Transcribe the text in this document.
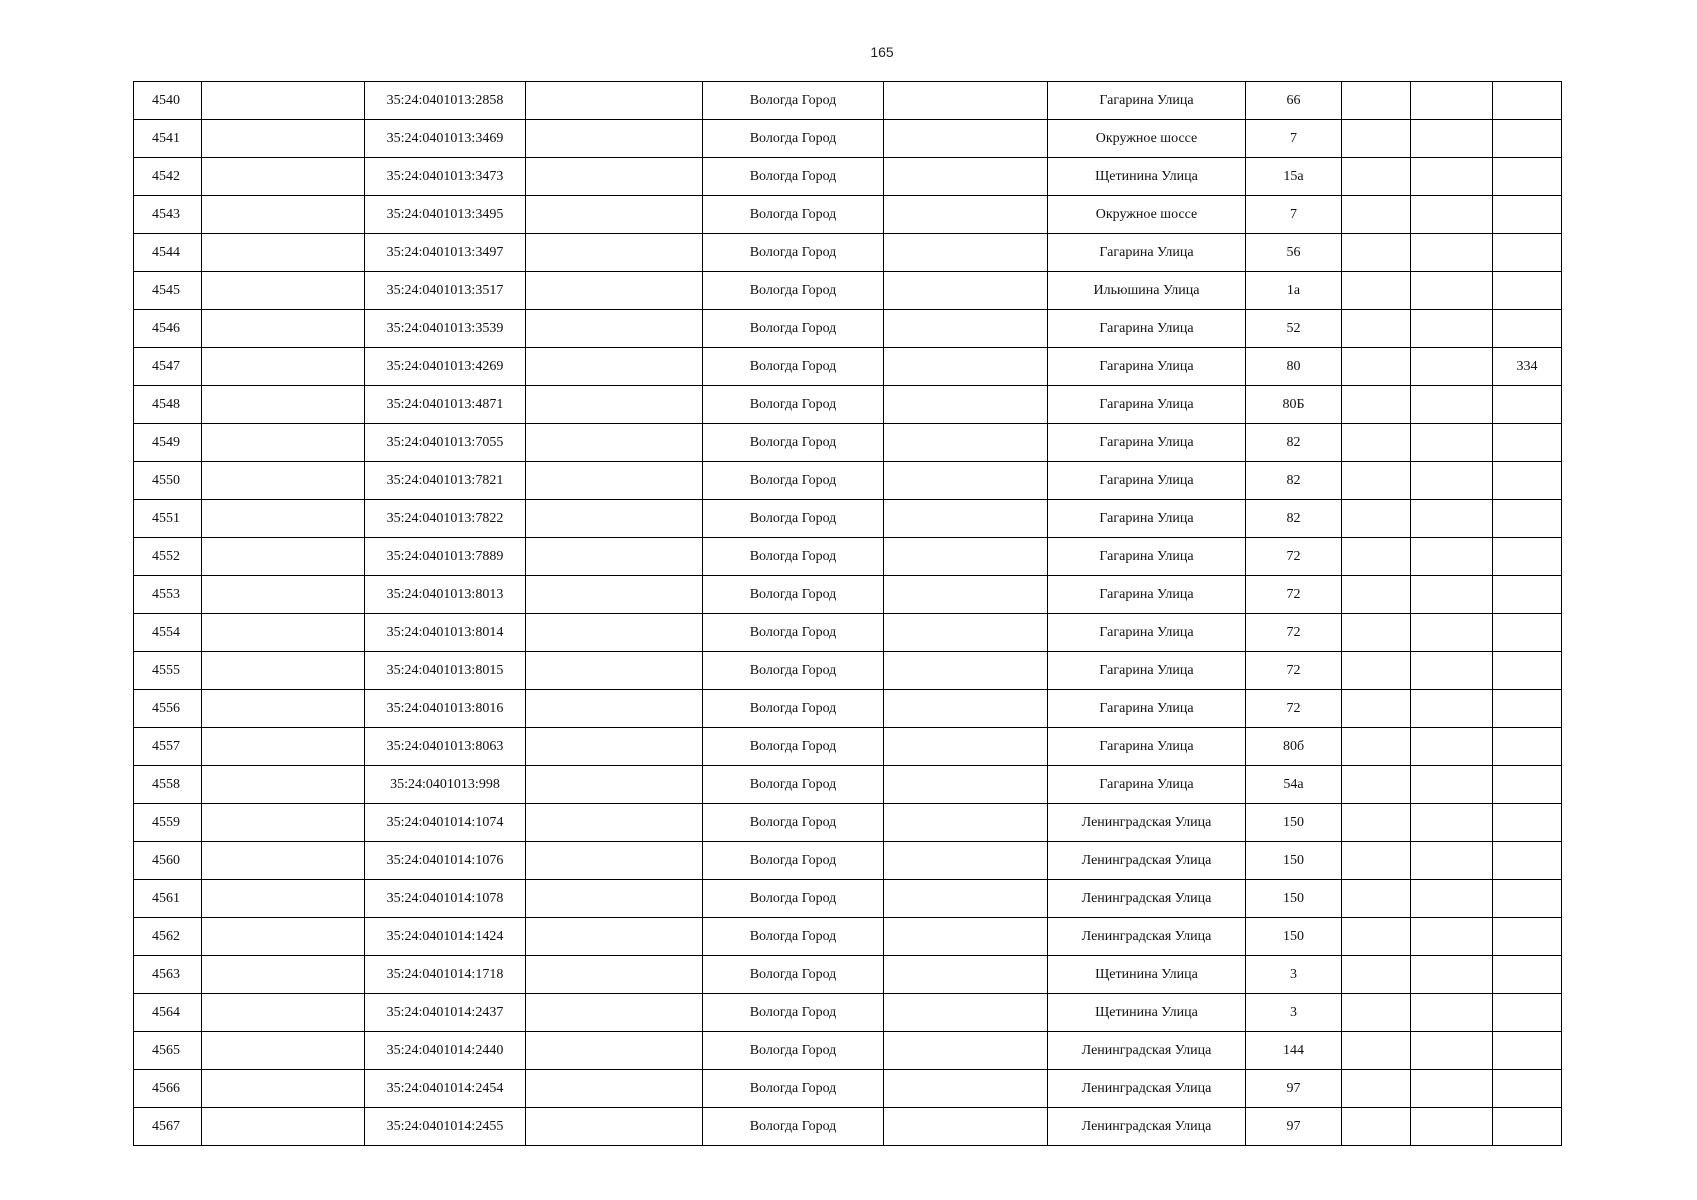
165
4540		35:24:0401013:2858		Вологда Город		Гагарина Улица	66			
4541		35:24:0401013:3469		Вологда Город		Окружное шоссе	7			
4542		35:24:0401013:3473		Вологда Город		Щетинина Улица	15а			
4543		35:24:0401013:3495		Вологда Город		Окружное шоссе	7			
4544		35:24:0401013:3497		Вологда Город		Гагарина Улица	56			
4545		35:24:0401013:3517		Вологда Город		Ильюшина Улица	1а			
4546		35:24:0401013:3539		Вологда Город		Гагарина Улица	52			
4547		35:24:0401013:4269		Вологда Город		Гагарина Улица	80			334
4548		35:24:0401013:4871		Вологда Город		Гагарина Улица	80Б			
4549		35:24:0401013:7055		Вологда Город		Гагарина Улица	82			
4550		35:24:0401013:7821		Вологда Город		Гагарина Улица	82			
4551		35:24:0401013:7822		Вологда Город		Гагарина Улица	82			
4552		35:24:0401013:7889		Вологда Город		Гагарина Улица	72			
4553		35:24:0401013:8013		Вологда Город		Гагарина Улица	72			
4554		35:24:0401013:8014		Вологда Город		Гагарина Улица	72			
4555		35:24:0401013:8015		Вологда Город		Гагарина Улица	72			
4556		35:24:0401013:8016		Вологда Город		Гагарина Улица	72			
4557		35:24:0401013:8063		Вологда Город		Гагарина Улица	80б			
4558		35:24:0401013:998		Вологда Город		Гагарина Улица	54а			
4559		35:24:0401014:1074		Вологда Город		Ленинградская Улица	150			
4560		35:24:0401014:1076		Вологда Город		Ленинградская Улица	150			
4561		35:24:0401014:1078		Вологда Город		Ленинградская Улица	150			
4562		35:24:0401014:1424		Вологда Город		Ленинградская Улица	150			
4563		35:24:0401014:1718		Вологда Город		Щетинина Улица	3			
4564		35:24:0401014:2437		Вологда Город		Щетинина Улица	3			
4565		35:24:0401014:2440		Вологда Город		Ленинградская Улица	144			
4566		35:24:0401014:2454		Вологда Город		Ленинградская Улица	97			
4567		35:24:0401014:2455		Вологда Город		Ленинградская Улица	97			
